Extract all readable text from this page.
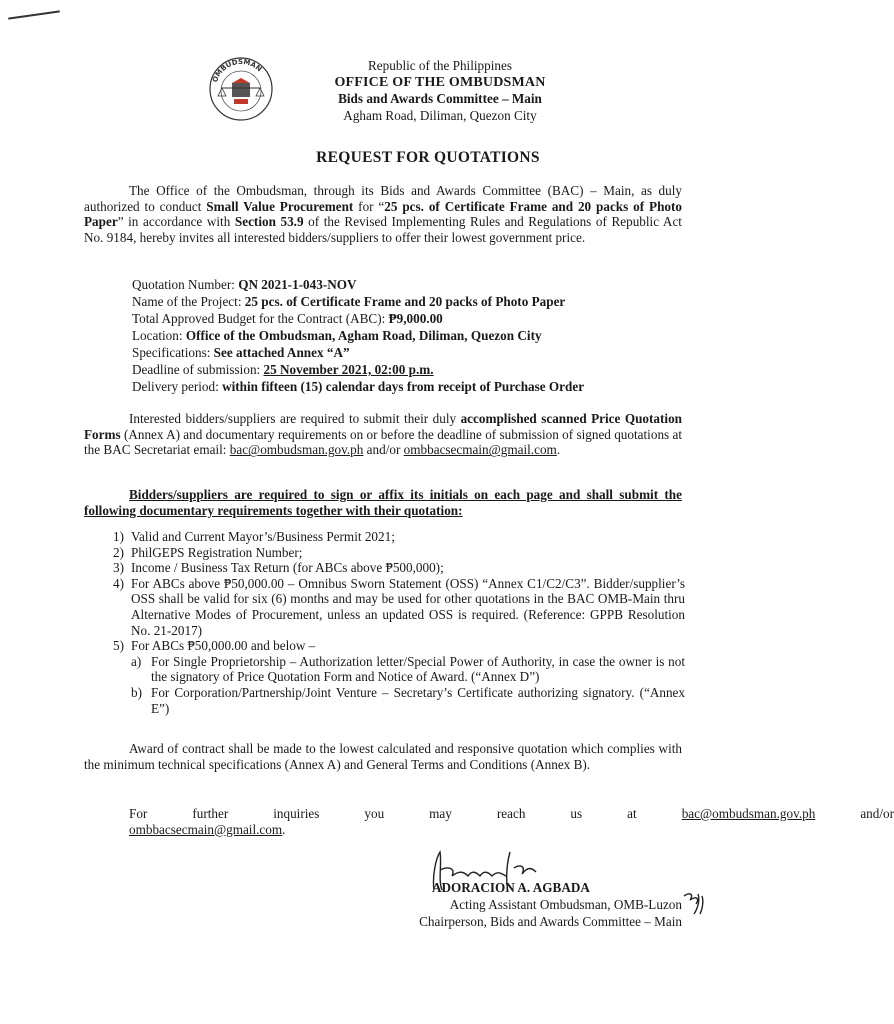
OMBUDSMAN	Republic of the Philippines
OFFICE OF THE OMBUDSMAN
Bids and Awards Committee – Main
Agham Road, Diliman, Quezon City
REQUEST FOR QUOTATIONS
The Office of the Ombudsman, through its Bids and Awards Committee (BAC) – Main, as duly authorized to conduct Small Value Procurement for “25 pcs. of Certificate Frame and 20 packs of Photo Paper” in accordance with Section 53.9 of the Revised Implementing Rules and Regulations of Republic Act No. 9184, hereby invites all interested bidders/suppliers to offer their lowest government price.
Quotation Number: QN 2021-1-043-NOV
Name of the Project: 25 pcs. of Certificate Frame and 20 packs of Photo Paper
Total Approved Budget for the Contract (ABC): ₱9,000.00
Location: Office of the Ombudsman, Agham Road, Diliman, Quezon City
Specifications: See attached Annex “A”
Deadline of submission: 25 November 2021, 02:00 p.m.
Delivery period: within fifteen (15) calendar days from receipt of Purchase Order
Interested bidders/suppliers are required to submit their duly accomplished scanned Price Quotation Forms (Annex A) and documentary requirements on or before the deadline of submission of signed quotations at the BAC Secretariat email: bac@ombudsman.gov.ph and/or ombbacsecmain@gmail.com.
Bidders/suppliers are required to sign or affix its initials on each page and shall submit the following documentary requirements together with their quotation:
1) Valid and Current Mayor’s/Business Permit 2021;
2) PhilGEPS Registration Number;
3) Income / Business Tax Return (for ABCs above ₱500,000);
4) For ABCs above ₱50,000.00 – Omnibus Sworn Statement (OSS) “Annex C1/C2/C3”. Bidder/supplier’s OSS shall be valid for six (6) months and may be used for other quotations in the BAC OMB-Main thru Alternative Modes of Procurement, unless an updated OSS is required. (Reference: GPPB Resolution No. 21-2017)
5) For ABCs ₱50,000.00 and below –
a) For Single Proprietorship – Authorization letter/Special Power of Authority, in case the owner is not the signatory of Price Quotation Form and Notice of Award. (“Annex D”)
b) For Corporation/Partnership/Joint Venture – Secretary’s Certificate authorizing signatory. (“Annex E”)
Award of contract shall be made to the lowest calculated and responsive quotation which complies with the minimum technical specifications (Annex A) and General Terms and Conditions (Annex B).
For	further	inquiries	you	may	reach	us	at	bac@ombudsman.gov.ph	and/or
ombbacsecmain@gmail.com.
ADORACION A. AGBADA
Acting Assistant Ombudsman, OMB-Luzon
Chairperson, Bids and Awards Committee – Main
